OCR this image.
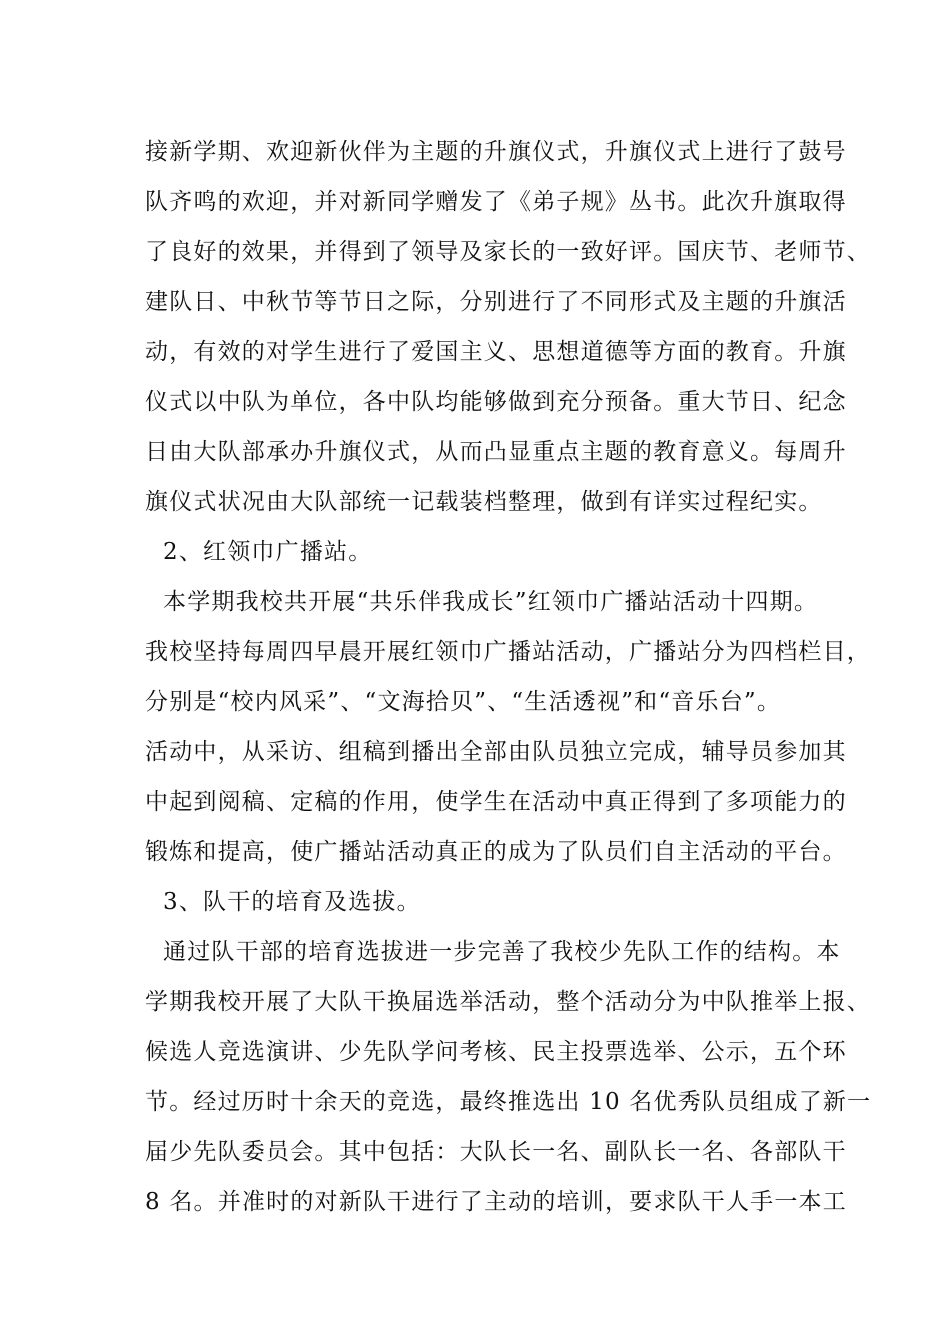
接新学期、欢迎新伙伴为主题的升旗仪式，升旗仪式上进行了鼓号
队齐鸣的欢迎，并对新同学赠发了《弟子规》丛书。此次升旗取得
了良好的效果，并得到了领导及家长的一致好评。国庆节、老师节、
建队日、中秋节等节日之际，分别进行了不同形式及主题的升旗活
动，有效的对学生进行了爱国主义、思想道德等方面的教育。升旗
仪式以中队为单位，各中队均能够做到充分预备。重大节日、纪念
日由大队部承办升旗仪式，从而凸显重点主题的教育意义。每周升
旗仪式状况由大队部统一记载装档整理，做到有详实过程纪实。
2、红领巾广播站。
本学期我校共开展“共乐伴我成长”红领巾广播站活动十四期。
我校坚持每周四早晨开展红领巾广播站活动，广播站分为四档栏目，
分别是“校内风采”、“文海拾贝”、“生活透视”和“音乐台”。
活动中，从采访、组稿到播出全部由队员独立完成，辅导员参加其
中起到阅稿、定稿的作用，使学生在活动中真正得到了多项能力的
锻炼和提高，使广播站活动真正的成为了队员们自主活动的平台。
3、队干的培育及选拔。
通过队干部的培育选拔进一步完善了我校少先队工作的结构。本
学期我校开展了大队干换届选举活动，整个活动分为中队推举上报、
候选人竞选演讲、少先队学问考核、民主投票选举、公示，五个环
节。经过历时十余天的竞选，最终推选出 10 名优秀队员组成了新一
届少先队委员会。其中包括：大队长一名、副队长一名、各部队干
8 名。并准时的对新队干进行了主动的培训，要求队干人手一本工
